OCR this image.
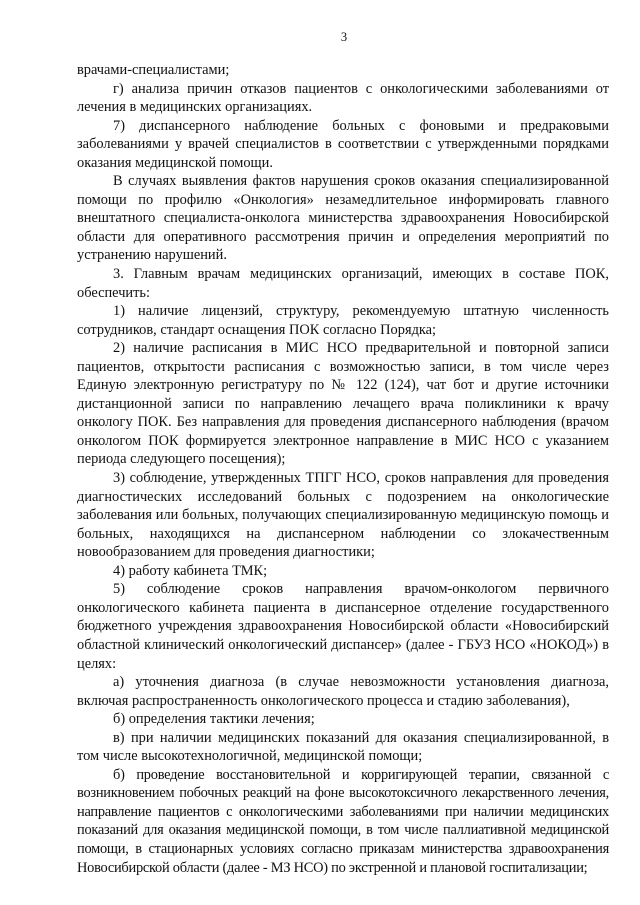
3

врачами-специалистами;

г) анализа причин отказов пациентов с онкологическими заболеваниями от лечения в медицинских организациях.

7) диспансерного наблюдение больных с фоновыми и предраковыми заболеваниями у врачей специалистов в соответствии с утвержденными порядками оказания медицинской помощи.

В случаях выявления фактов нарушения сроков оказания специализированной помощи по профилю «Онкология» незамедлительное информировать главного внештатного специалиста-онколога министерства здравоохранения Новосибирской области для оперативного рассмотрения причин и определения мероприятий по устранению нарушений.

3. Главным врачам медицинских организаций, имеющих в составе ПОК, обеспечить:

1) наличие лицензий, структуру, рекомендуемую штатную численность сотрудников, стандарт оснащения ПОК согласно Порядка;

2) наличие расписания в МИС НСО предварительной и повторной записи пациентов, открытости расписания с возможностью записи, в том числе через Единую электронную регистратуру по № 122 (124), чат бот и другие источники дистанционной записи по направлению лечащего врача поликлиники к врачу онкологу ПОК. Без направления для проведения диспансерного наблюдения (врачом онкологом ПОК формируется электронное направление в МИС НСО с указанием периода следующего посещения);

3) соблюдение, утвержденных ТПГГ НСО, сроков направления для проведения диагностических исследований больных с подозрением на онкологические заболевания или больных, получающих специализированную медицинскую помощь и больных, находящихся на диспансерном наблюдении со злокачественным новообразованием для проведения диагностики;

4) работу кабинета ТМК;

5) соблюдение сроков направления врачом-онкологом первичного онкологического кабинета пациента в диспансерное отделение государственного бюджетного учреждения здравоохранения Новосибирской области «Новосибирский областной клинический онкологический диспансер» (далее - ГБУЗ НСО «НОКОД») в целях:

а) уточнения диагноза (в случае невозможности установления диагноза, включая распространенность онкологического процесса и стадию заболевания),

б) определения тактики лечения;

в) при наличии медицинских показаний для оказания специализированной, в том числе высокотехнологичной, медицинской помощи;

б) проведение восстановительной и корригирующей терапии, связанной с возникновением побочных реакций на фоне высокотоксичного лекарственного лечения, направление пациентов с онкологическими заболеваниями при наличии медицинских показаний для оказания медицинской помощи, в том числе паллиативной медицинской помощи, в стационарных условиях согласно приказам министерства здравоохранения Новосибирской области (далее - МЗ НСО) по экстренной и плановой госпитализации;
